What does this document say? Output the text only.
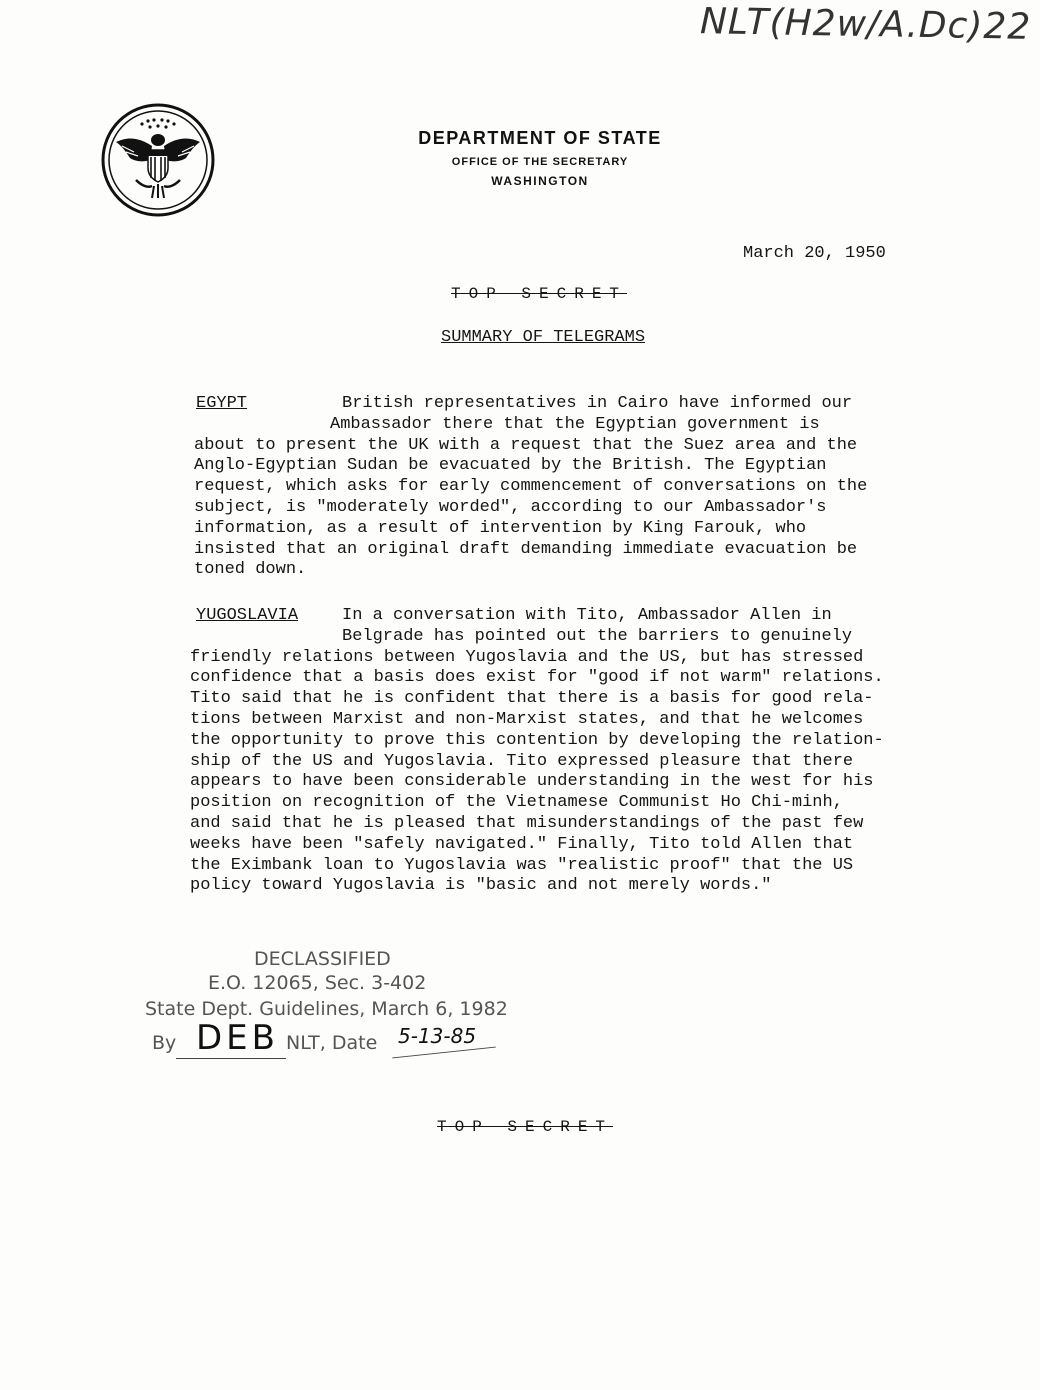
NLT(H2w/A.Dc)22
DEPARTMENT OF STATE
OFFICE OF THE SECRETARY
WASHINGTON
March 20, 1950
TOP SECRET
SUMMARY OF TELEGRAMS
EGYPT	British representatives in Cairo have informed our
Ambassador there that the Egyptian government is
about to present the UK with a request that the Suez area and the
Anglo-Egyptian Sudan be evacuated by the British. The Egyptian
request, which asks for early commencement of conversations on the
subject, is "moderately worded", according to our Ambassador's
information, as a result of intervention by King Farouk, who
insisted that an original draft demanding immediate evacuation be
toned down.
YUGOSLAVIA	In a conversation with Tito, Ambassador Allen in
Belgrade has pointed out the barriers to genuinely
friendly relations between Yugoslavia and the US, but has stressed
confidence that a basis does exist for "good if not warm" relations.
Tito said that he is confident that there is a basis for good rela-
tions between Marxist and non-Marxist states, and that he welcomes
the opportunity to prove this contention by developing the relation-
ship of the US and Yugoslavia. Tito expressed pleasure that there
appears to have been considerable understanding in the west for his
position on recognition of the Vietnamese Communist Ho Chi-minh,
and said that he is pleased that misunderstandings of the past few
weeks have been "safely navigated." Finally, Tito told Allen that
the Eximbank loan to Yugoslavia was "realistic proof" that the US
policy toward Yugoslavia is "basic and not merely words."
DECLASSIFIED
E.O. 12065, Sec. 3-402
State Dept. Guidelines, March 6, 1982
By DEB NLT, Date 5-13-85
TOP SECRET
